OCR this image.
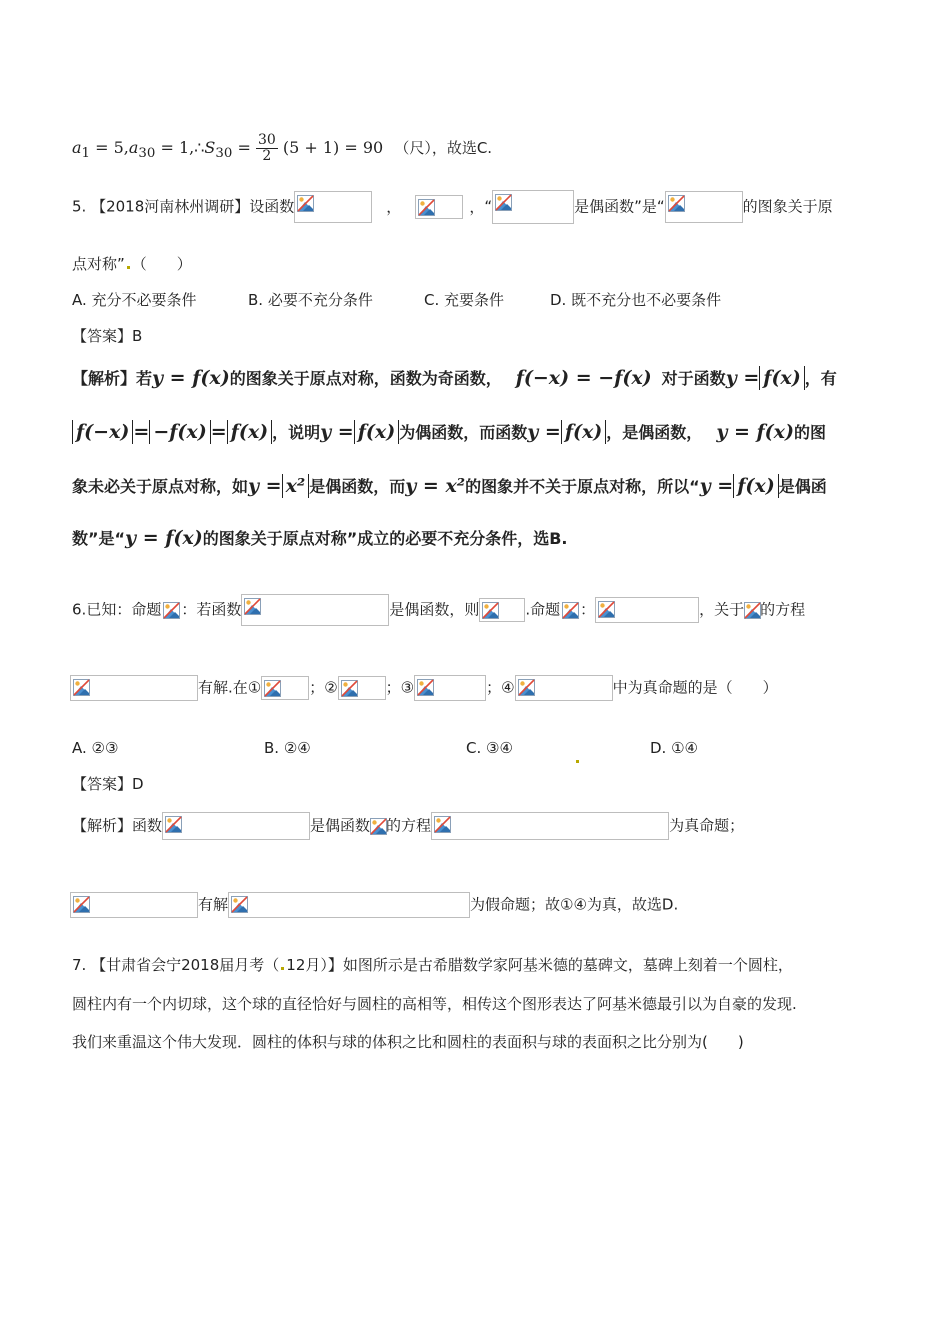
$a_1 = 5,a_{30}$ = $1,\therefore S_{30} = \frac{30}{2} (5 + 1) = 90$ （尺），故选C.
5. 【2018河南林州调研】设函数	，	，“	是偶函数”是“	的图象关于原
点对称” （　　）
A. 充分不必要条件	B. 必要不充分条件	C. 充要条件	D. 既不充分也不必要条件
【答案】B
【解析】若y = f(x)的图象关于原点对称，函数为奇函数， f(−x) = −f(x) 对于函数y = f(x) ，有
f(−x) = −f(x) = f(x) ，说明y = f(x) 为偶函数，而函数y = f(x) ，是偶函数， y = f(x)的图
象未必关于原点对称，如y = x² 是偶函数，而y = x²的图象并不关于原点对称，所以“y = f(x) 是偶函
数”是“y = f(x)的图象关于原点对称”成立的必要不充分条件，选B.
6.已知：命题 ：若函数	是偶函数，则	.命题 ：	，关于 的方程
有解.在①	；②	；③	；④	中为真命题的是（　　）
A. ②③	B. ②④	C. ③④	D. ①④
【答案】D
【解析】函数	是偶函数 的方程	为真命题；
有解	为假命题；故①④为真，故选D.
7. 【甘肃省会宁2018届月考（ 12月）】如图所示是古希腊数学家阿基米德的墓碑文，墓碑上刻着一个圆柱，
圆柱内有一个内切球，这个球的直径恰好与圆柱的高相等，相传这个图形表达了阿基米德最引以为自豪的发现.
我们来重温这个伟大发现．圆柱的体积与球的体积之比和圆柱的表面积与球的表面积之比分别为(　　)
